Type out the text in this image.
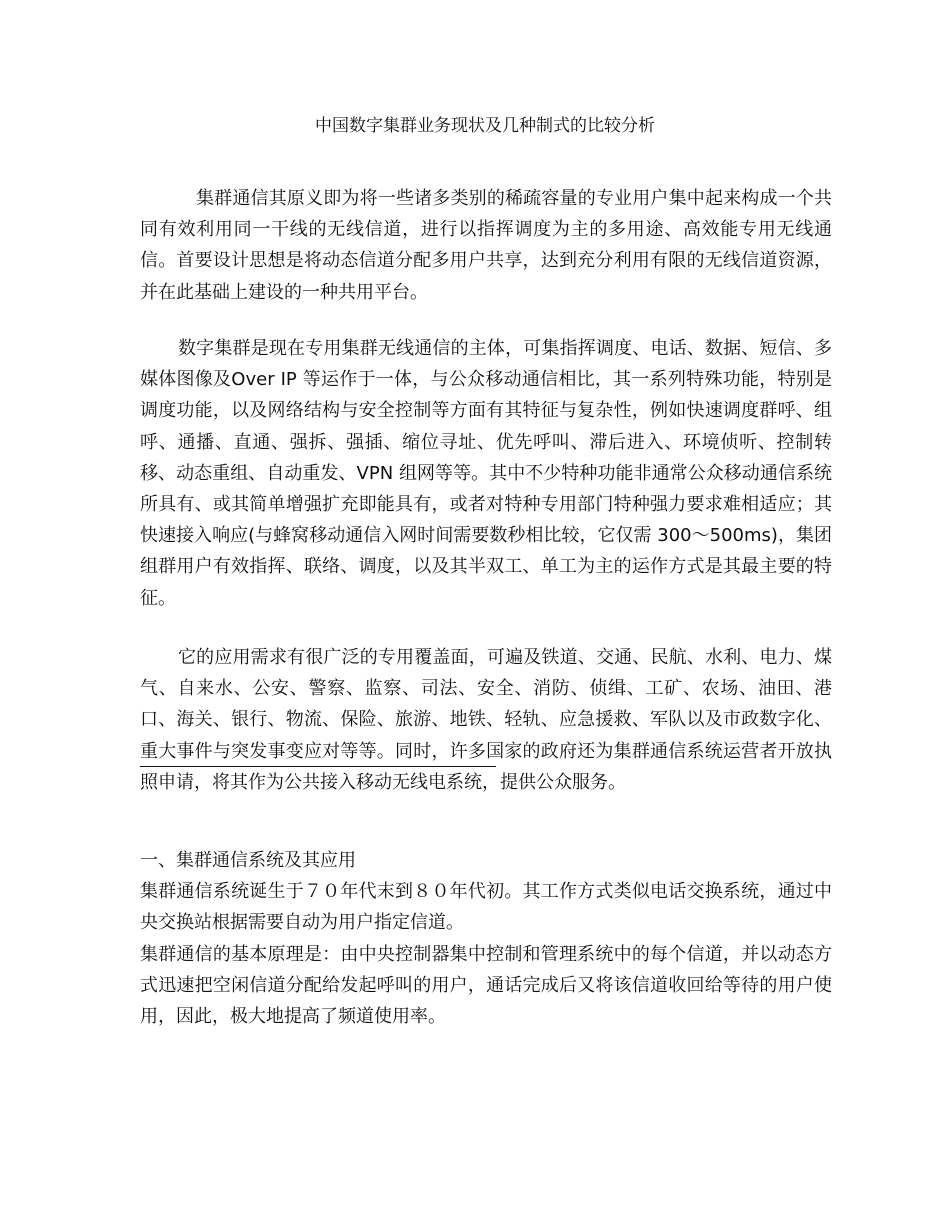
中国数字集群业务现状及几种制式的比较分析

集群通信其原义即为将一些诸多类别的稀疏容量的专业用户集中起来构成一个共同有效利用同一干线的无线信道，进行以指挥调度为主的多用途、高效能专用无线通信。首要设计思想是将动态信道分配多用户共享，达到充分利用有限的无线信道资源，并在此基础上建设的一种共用平台。

数字集群是现在专用集群无线通信的主体，可集指挥调度、电话、数据、短信、多媒体图像及Over IP 等运作于一体，与公众移动通信相比，其一系列特殊功能，特别是调度功能，以及网络结构与安全控制等方面有其特征与复杂性，例如快速调度群呼、组呼、通播、直通、强拆、强插、缩位寻址、优先呼叫、滞后进入、环境侦听、控制转移、动态重组、自动重发、VPN 组网等等。其中不少特种功能非通常公众移动通信系统所具有、或其简单增强扩充即能具有，或者对特种专用部门特种强力要求难相适应；其快速接入响应(与蜂窝移动通信入网时间需要数秒相比较，它仅需 300～500ms)，集团组群用户有效指挥、联络、调度，以及其半双工、单工为主的运作方式是其最主要的特征。

它的应用需求有很广泛的专用覆盖面，可遍及铁道、交通、民航、水利、电力、煤气、自来水、公安、警察、监察、司法、安全、消防、侦缉、工矿、农场、油田、港口、海关、银行、物流、保险、旅游、地铁、轻轨、应急援救、军队以及市政数字化、重大事件与突发事变应对等等。同时，许多国家的政府还为集群通信系统运营者开放执照申请，将其作为公共接入移动无线电系统，提供公众服务。

一、集群通信系统及其应用

集群通信系统诞生于７０年代末到８０年代初。其工作方式类似电话交换系统，通过中央交换站根据需要自动为用户指定信道。

集群通信的基本原理是：由中央控制器集中控制和管理系统中的每个信道，并以动态方式迅速把空闲信道分配给发起呼叫的用户，通话完成后又将该信道收回给等待的用户使用，因此，极大地提高了频道使用率。
